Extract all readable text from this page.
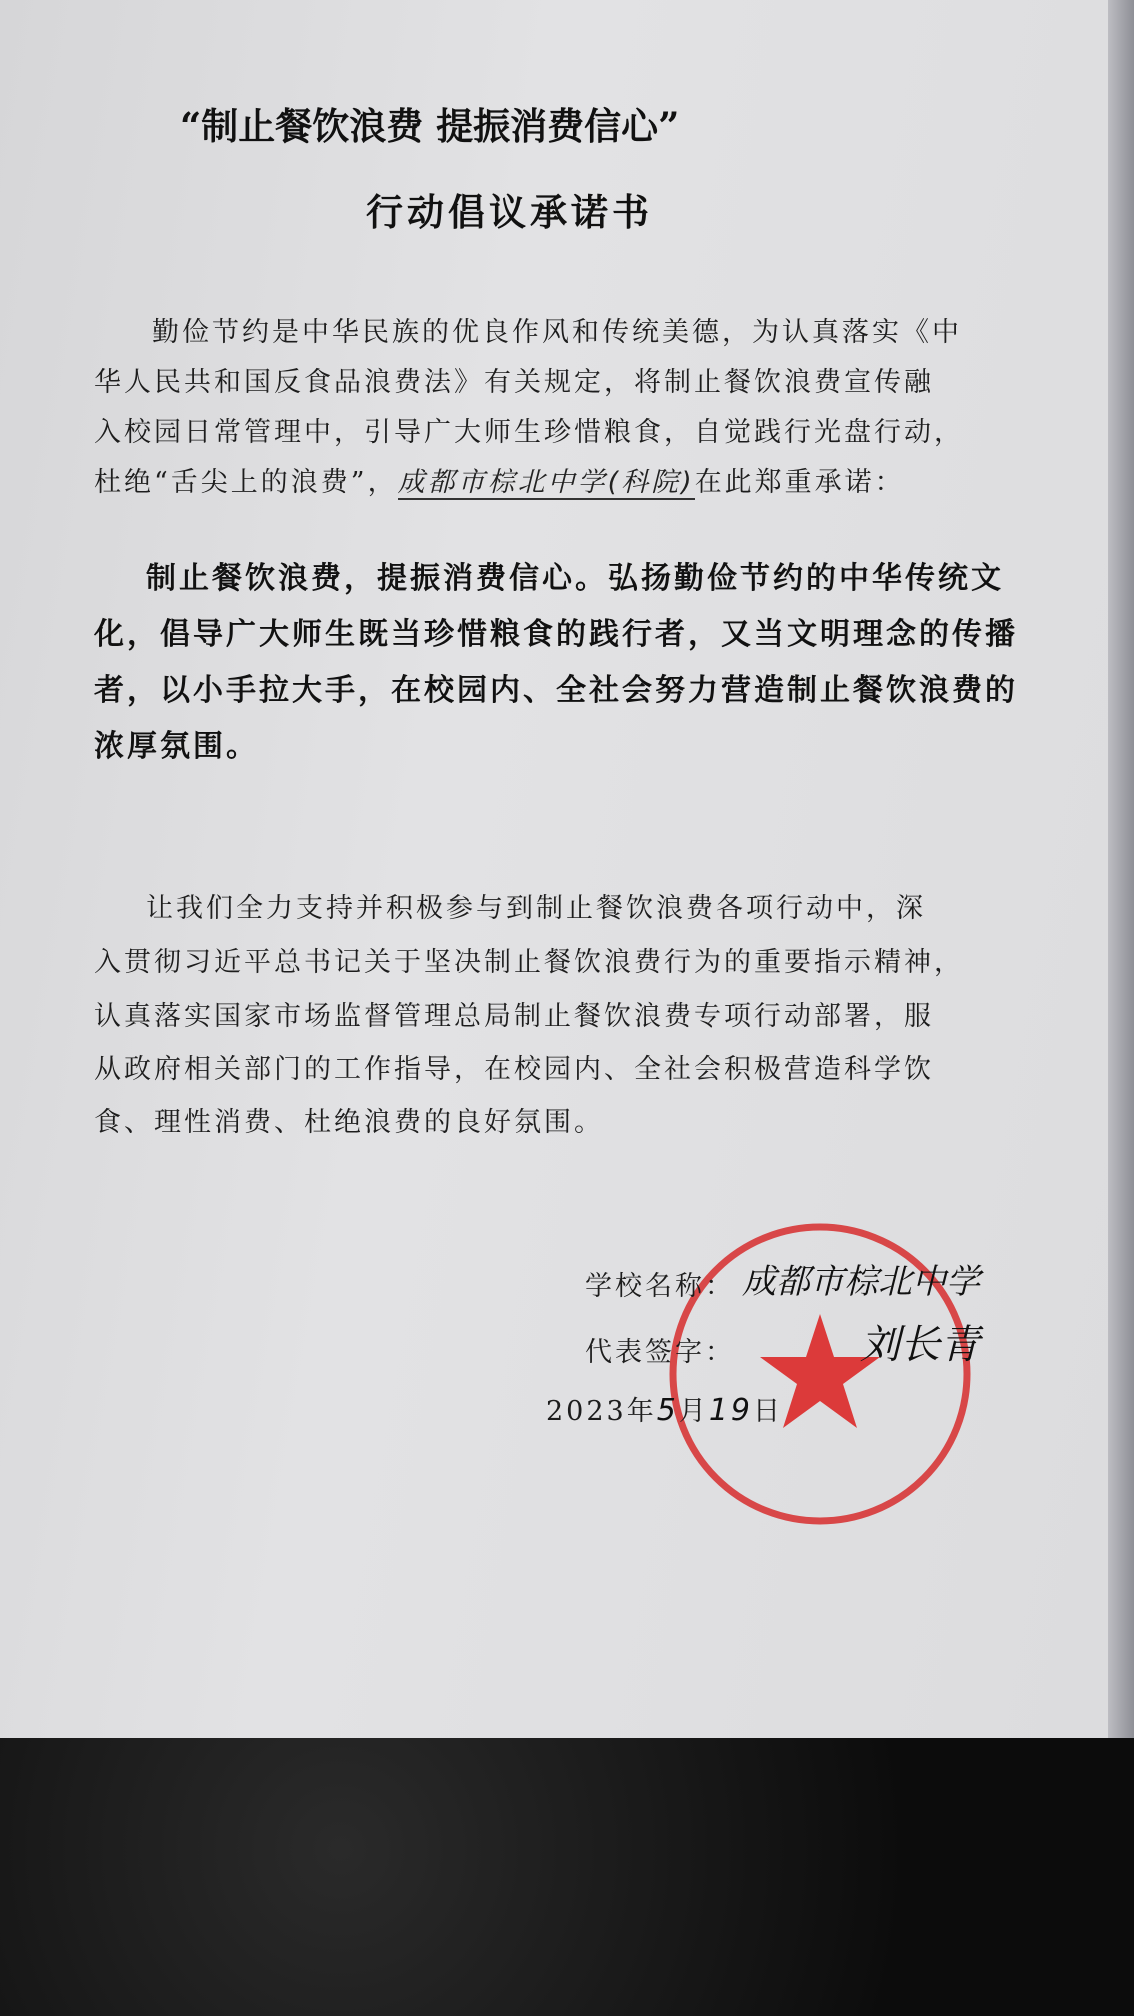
“制止餐饮浪费 提振消费信心”
行动倡议承诺书
勤俭节约是中华民族的优良作风和传统美德，为认真落实《中
华人民共和国反食品浪费法》有关规定，将制止餐饮浪费宣传融
入校园日常管理中，引导广大师生珍惜粮食，自觉践行光盘行动，
杜绝“舌尖上的浪费”，成都市棕北中学(科院)在此郑重承诺：
制止餐饮浪费，提振消费信心。弘扬勤俭节约的中华传统文
化，倡导广大师生既当珍惜粮食的践行者，又当文明理念的传播
者，以小手拉大手，在校园内、全社会努力营造制止餐饮浪费的
浓厚氛围。
让我们全力支持并积极参与到制止餐饮浪费各项行动中，深
入贯彻习近平总书记关于坚决制止餐饮浪费行为的重要指示精神，
认真落实国家市场监督管理总局制止餐饮浪费专项行动部署，服
从政府相关部门的工作指导，在校园内、全社会积极营造科学饮
食、理性消费、杜绝浪费的良好氛围。
学校名称： 成都市棕北中学
代表签字：	刘长青
2023年5月19日
